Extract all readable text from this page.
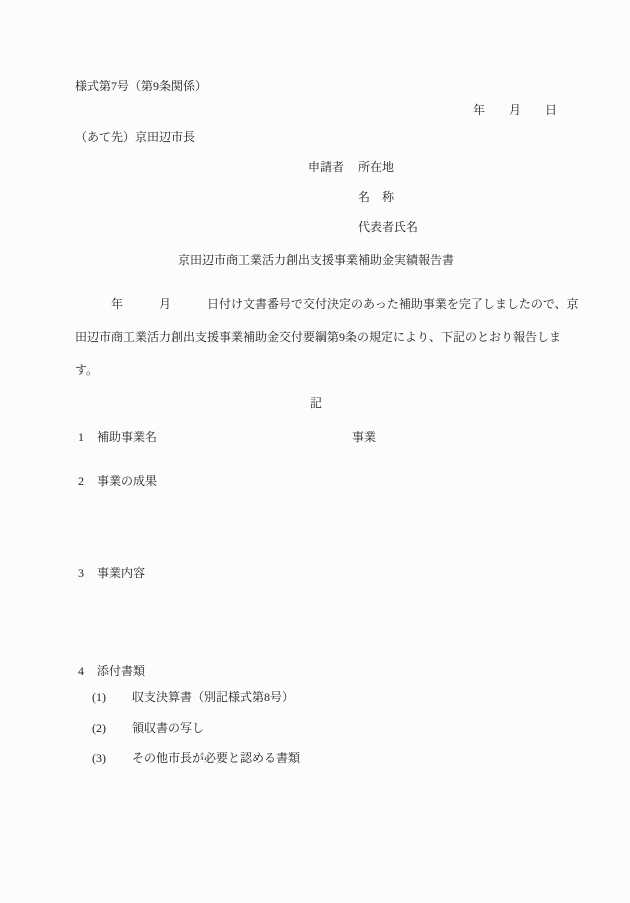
様式第7号（第9条関係）
年　　月　　日
（あて先）京田辺市長
申請者 所在地
名　称
代表者氏名
京田辺市商工業活力創出支援事業補助金実績報告書
　　　年　　　月　　　日付け文書番号で交付決定のあった補助事業を完了しましたので、京
田辺市商工業活力創出支援事業補助金交付要綱第9条の規定により、下記のとおり報告しま
す。
記
1 補助事業名	事業
2 事業の成果
3 事業内容
4 添付書類
(1) 収支決算書（別記様式第8号）
(2) 領収書の写し
(3) その他市長が必要と認める書類
